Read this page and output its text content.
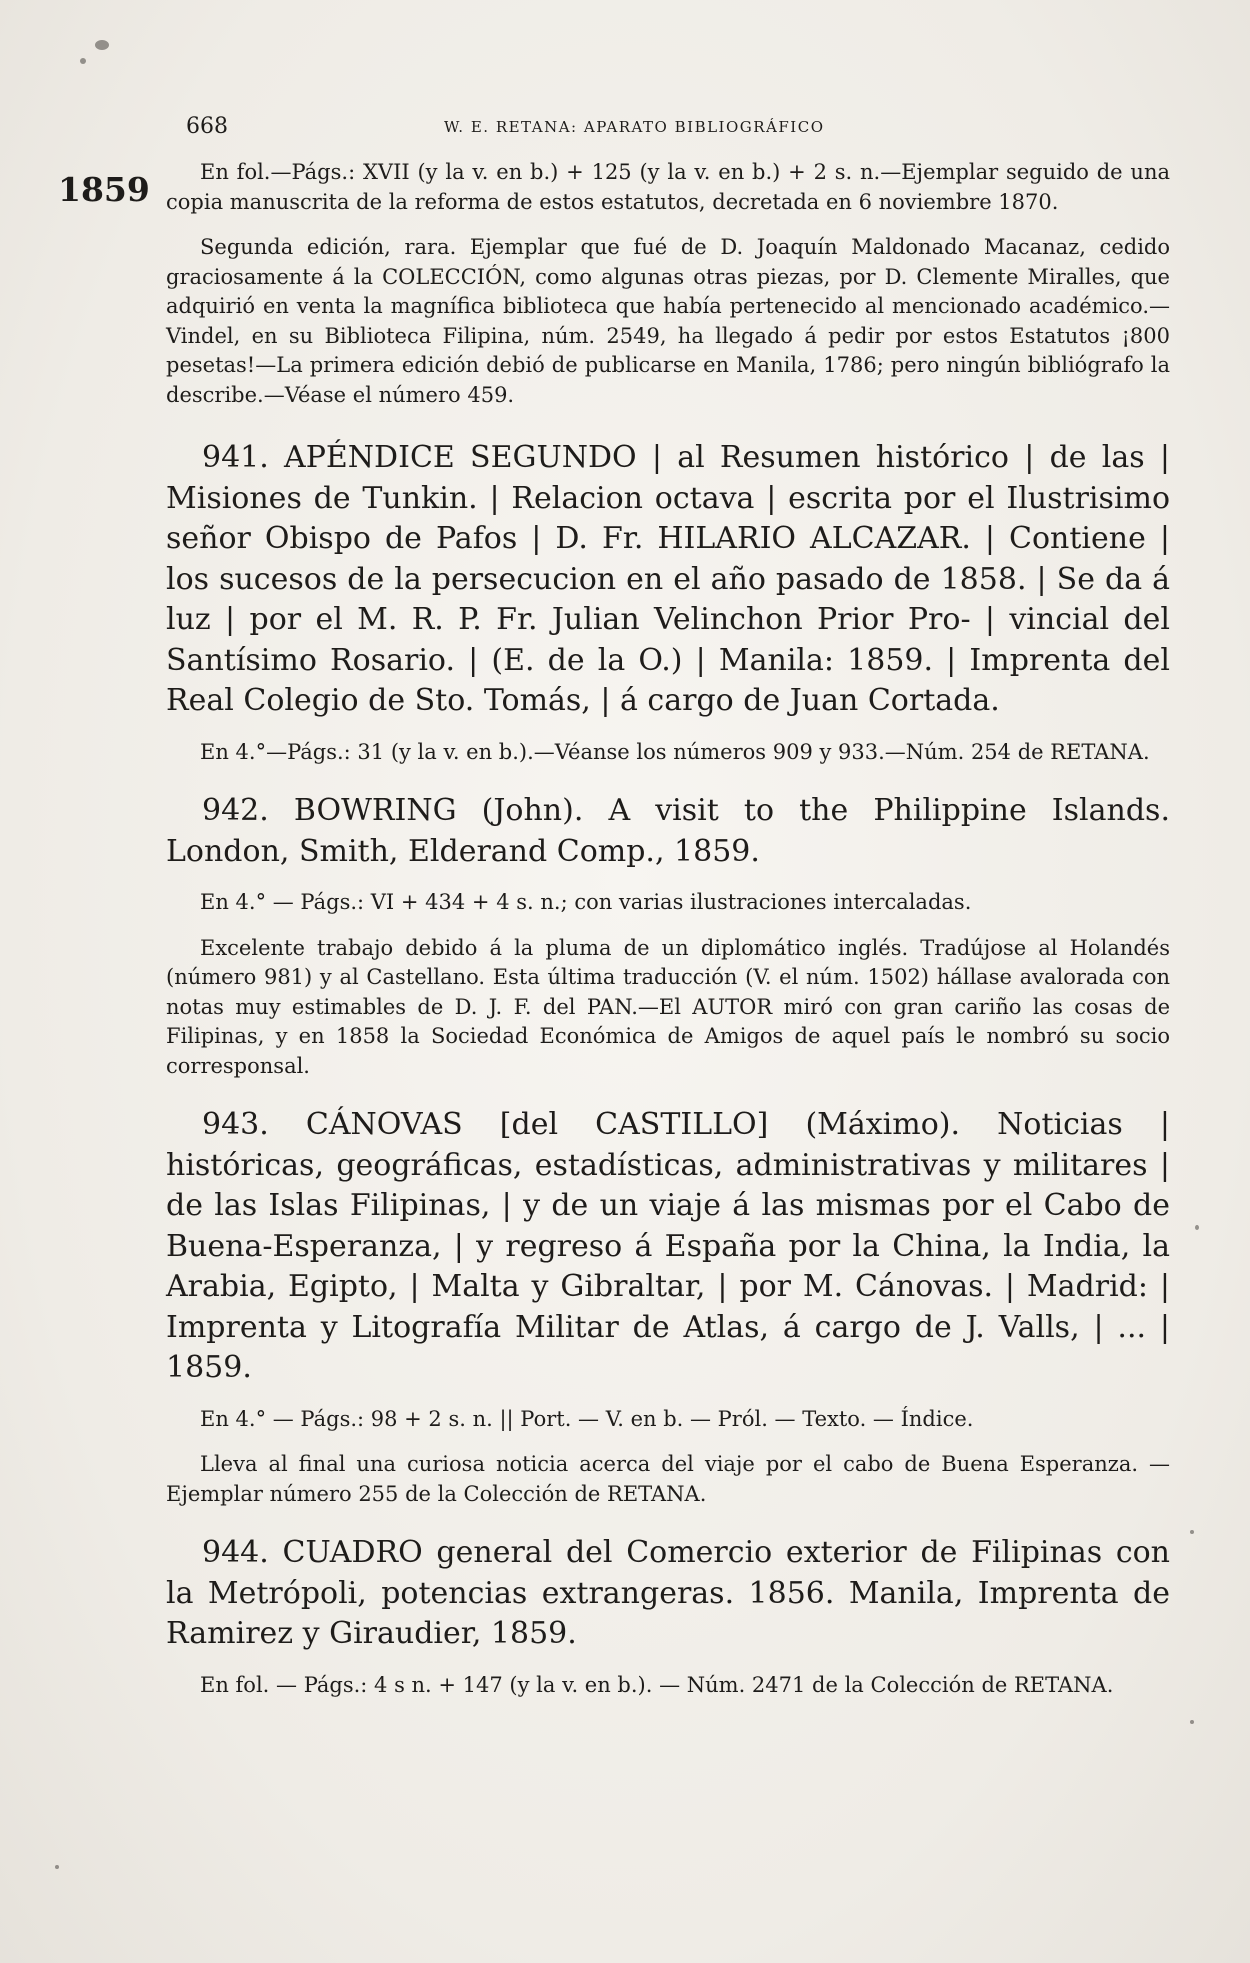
668	W. E. RETANA: APARATO BIBLIOGRÁFICO
1859	En fol.—Págs.: XVII (y la v. en b.) + 125 (y la v. en b.) + 2 s. n.—Ejemplar seguido de una copia manuscrita de la reforma de estos estatutos, decretada en 6 noviembre 1870.

Segunda edición, rara. Ejemplar que fué de D. Joaquín Maldonado Macanaz, cedido graciosamente á la COLECCIÓN, como algunas otras piezas, por D. Clemente Miralles, que adquirió en venta la magnífica biblioteca que había pertenecido al mencionado académico.—Vindel, en su Biblioteca Filipina, núm. 2549, ha llegado á pedir por estos Estatutos ¡800 pesetas!—La primera edición debió de publicarse en Manila, 1786; pero ningún bibliógrafo la describe.—Véase el número 459.

941. APÉNDICE SEGUNDO | al Resumen histórico | de las | Misiones de Tunkin. | Relacion octava | escrita por el Ilustrisimo señor Obispo de Pafos | D. Fr. HILARIO ALCAZAR. | Contiene | los sucesos de la persecucion en el año pasado de 1858. | Se da á luz | por el M. R. P. Fr. Julian Velinchon Prior Pro- | vincial del Santísimo Rosario. | (E. de la O.) | Manila: 1859. | Imprenta del Real Colegio de Sto. Tomás, | á cargo de Juan Cortada.

En 4.°—Págs.: 31 (y la v. en b.).—Véanse los números 909 y 933.—Núm. 254 de RETANA.

942. BOWRING (John). A visit to the Philippine Islands. London, Smith, Elderand Comp., 1859.

En 4.° — Págs.: VI + 434 + 4 s. n.; con varias ilustraciones intercaladas.

Excelente trabajo debido á la pluma de un diplomático inglés. Tradújose al Holandés (número 981) y al Castellano. Esta última traducción (V. el núm. 1502) hállase avalorada con notas muy estimables de D. J. F. del PAN.—El AUTOR miró con gran cariño las cosas de Filipinas, y en 1858 la Sociedad Económica de Amigos de aquel país le nombró su socio corresponsal.

943. CÁNOVAS [del CASTILLO] (Máximo). Noticias | históricas, geográficas, estadísticas, administrativas y militares | de las Islas Filipinas, | y de un viaje á las mismas por el Cabo de Buena-Esperanza, | y regreso á España por la China, la India, la Arabia, Egipto, | Malta y Gibraltar, | por M. Cánovas. | Madrid: | Imprenta y Litografía Militar de Atlas, á cargo de J. Valls, | ... | 1859.

En 4.° — Págs.: 98 + 2 s. n. || Port. — V. en b. — Pról. — Texto. — Índice.

Lleva al final una curiosa noticia acerca del viaje por el cabo de Buena Esperanza. — Ejemplar número 255 de la Colección de RETANA.

944. CUADRO general del Comercio exterior de Filipinas con la Metrópoli, potencias extrangeras. 1856. Manila, Imprenta de Ramirez y Giraudier, 1859.

En fol. — Págs.: 4 s n. + 147 (y la v. en b.). — Núm. 2471 de la Colección de RETANA.
